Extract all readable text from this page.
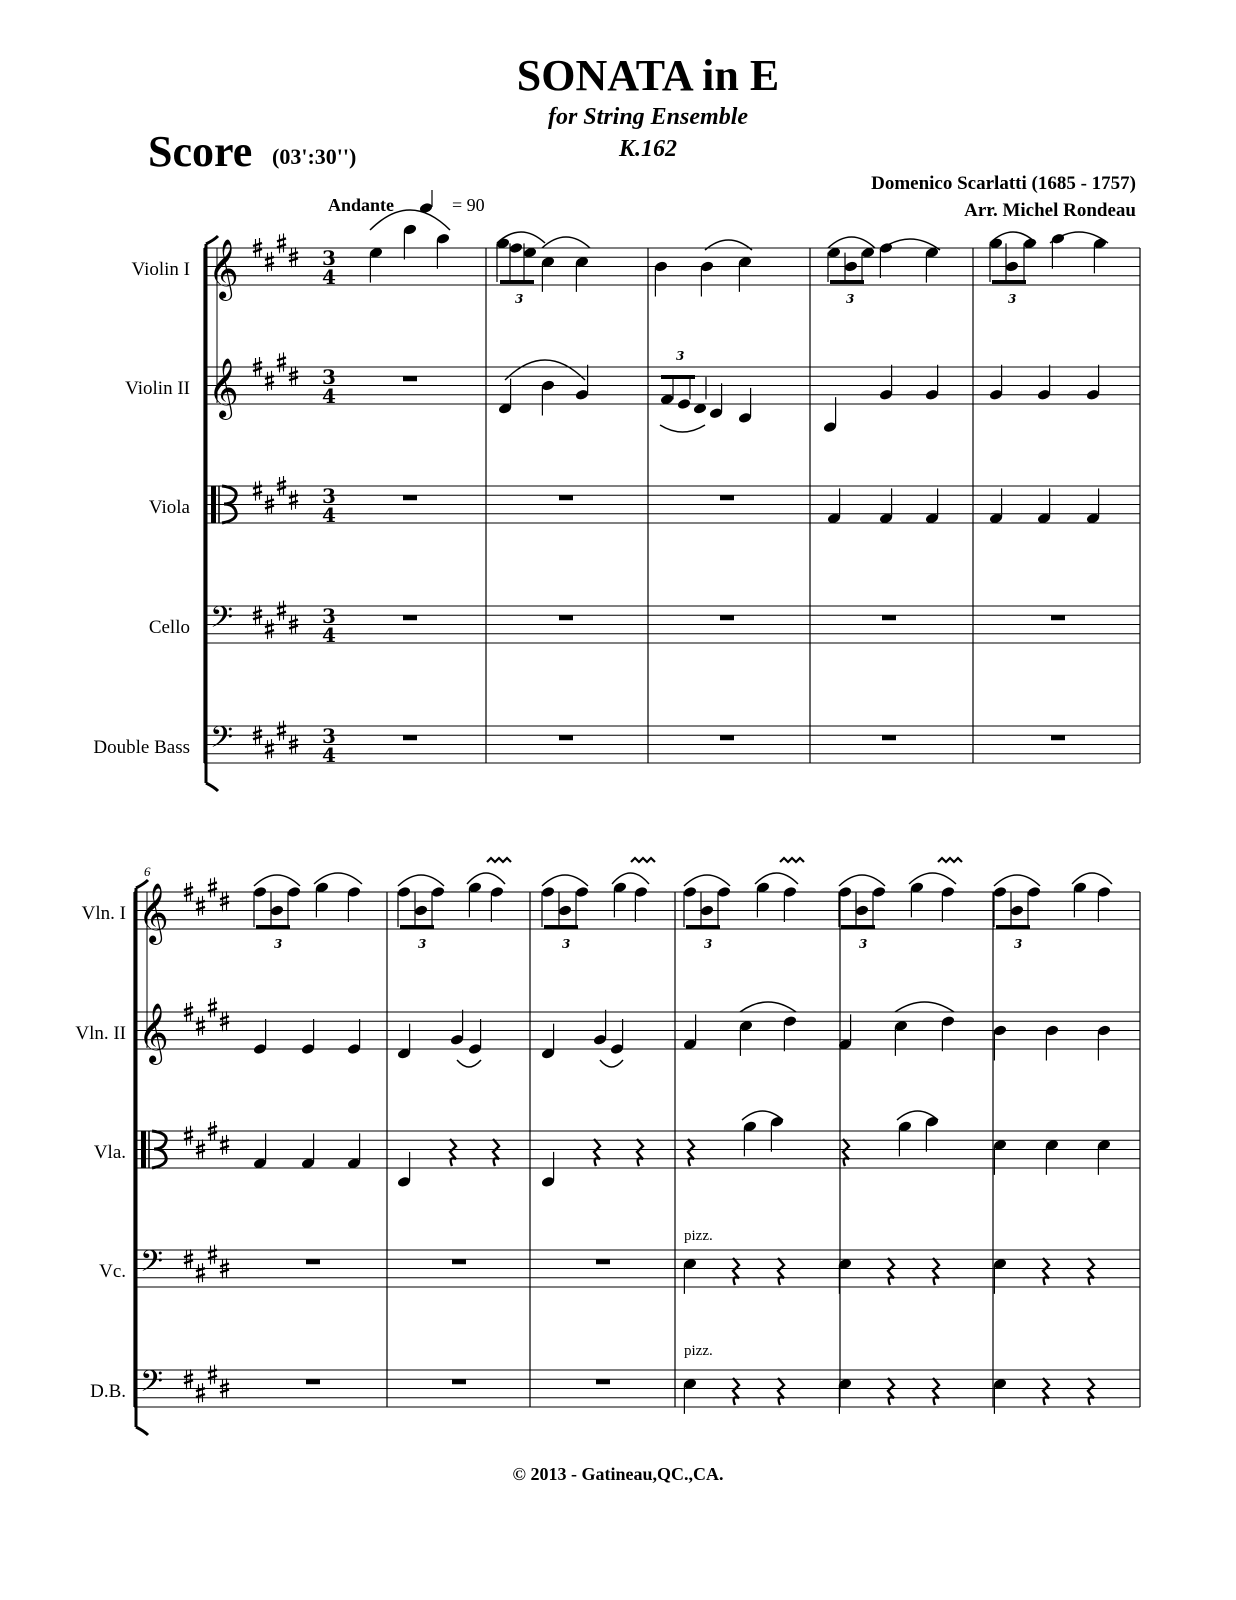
SONATA in E
for String Ensemble
K.162
Score (03':30'')
Domenico Scarlatti (1685 - 1757)
Arr. Michel Rondeau
Andante	= 90
Violin I
Violin II
Viola
Cello
Double Bass
Vln. I
Vln. II
Vla.
Vc.
D.B.
6
pizz.
pizz.
© 2013 - Gatineau,QC.,CA.
𝄞	3
4
𝄞	3
4
3
4
𝄢	3
4
𝄢	3
4
3	3	3
3
𝄞
𝄞
𝄢
𝄢
3	3	3	3	3	3
